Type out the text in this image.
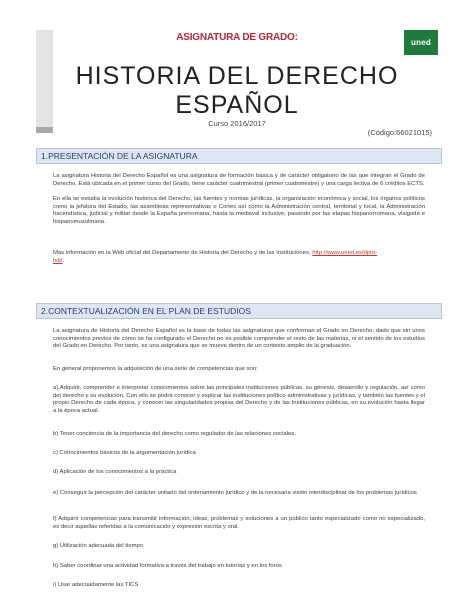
ASIGNATURA DE GRADO:	uned
HISTORIA DEL DERECHO
ESPAÑOL
Curso 2016/2017
(Código:66021015)
1.PRESENTACIÓN DE LA ASIGNATURA
La asignatura Historia del Derecho Español es una asignatura de formación básica y de carácter obligatorio de las que integran el Grado de Derecho. Está ubicada en el primer curso del Grado, tiene carácter cuatrimestral (primer cuatrimestre) y una carga lectiva de 6 créditos ECTS.
En ella se estudia la evolución histórica del Derecho, las fuentes y normas jurídicas, la organización económica y social, los órganos políticos como la jefatura del Estado, las asambleas representativas o Cortes así como la Administración central, territorial y local, la Administración hacendística, judicial y militar desde la España prerromana, hasta la medieval inclusive, pasando por las etapas hispanorromana, visigoda e hispanomusulmana.
Más información en la Web oficial del Departamento de Historia del Derecho y de las Instituciones, http://www.uned.es/dpto-
hdi/.
2.CONTEXTUALIZACIÓN EN EL PLAN DE ESTUDIOS
La asignatura de Historia del Derecho Español es la base de todas las asignaturas que conforman el Grado en Derecho, dado que sin unos conocimientos previos de cómo se ha configurado el Derecho no es posible comprender el resto de las materias, ni el sentido de los estudios del Grado en Derecho. Por tanto, es una asignatura que se mueve dentro de un contexto amplio de la graduación.
En general proponemos la adquisición de una serie de competencias que son:
a) Adquirir, comprender e interpretar conocimientos sobre las principales instituciones públicas, su génesis, desarrollo y regulación, así como del derecho y su evolución. Con ello se podrá conocer y explicar las instituciones político administrativas y jurídicas, y también las fuentes y el propio Derecho de cada época, y conocer las singularidades propias del Derecho y de las Instituciones públicas, en su evolución hasta llegar a la época actual.
b) Tener conciencia de la importancia del derecho como regulador de las relaciones sociales.
c) Conocimientos básicos de la argumentación jurídica
d) Aplicación de los conocimientos a la práctica
e) Conseguir la percepción del carácter unitario del ordenamiento jurídico y de la necesaria visión interdisciplinar de los problemas jurídicos
f) Adquirir competencias para transmitir información, ideas, problemas y soluciones a un público tanto especializado como no especializado, es decir aquellas referidas a la comunicación y expresión escrita y oral.
g) Utilización adecuada del tiempo
h) Saber coordinar una actividad formativa a través del trabajo en tutorías y en los foros
i) Usar adecuadamente las TICS
